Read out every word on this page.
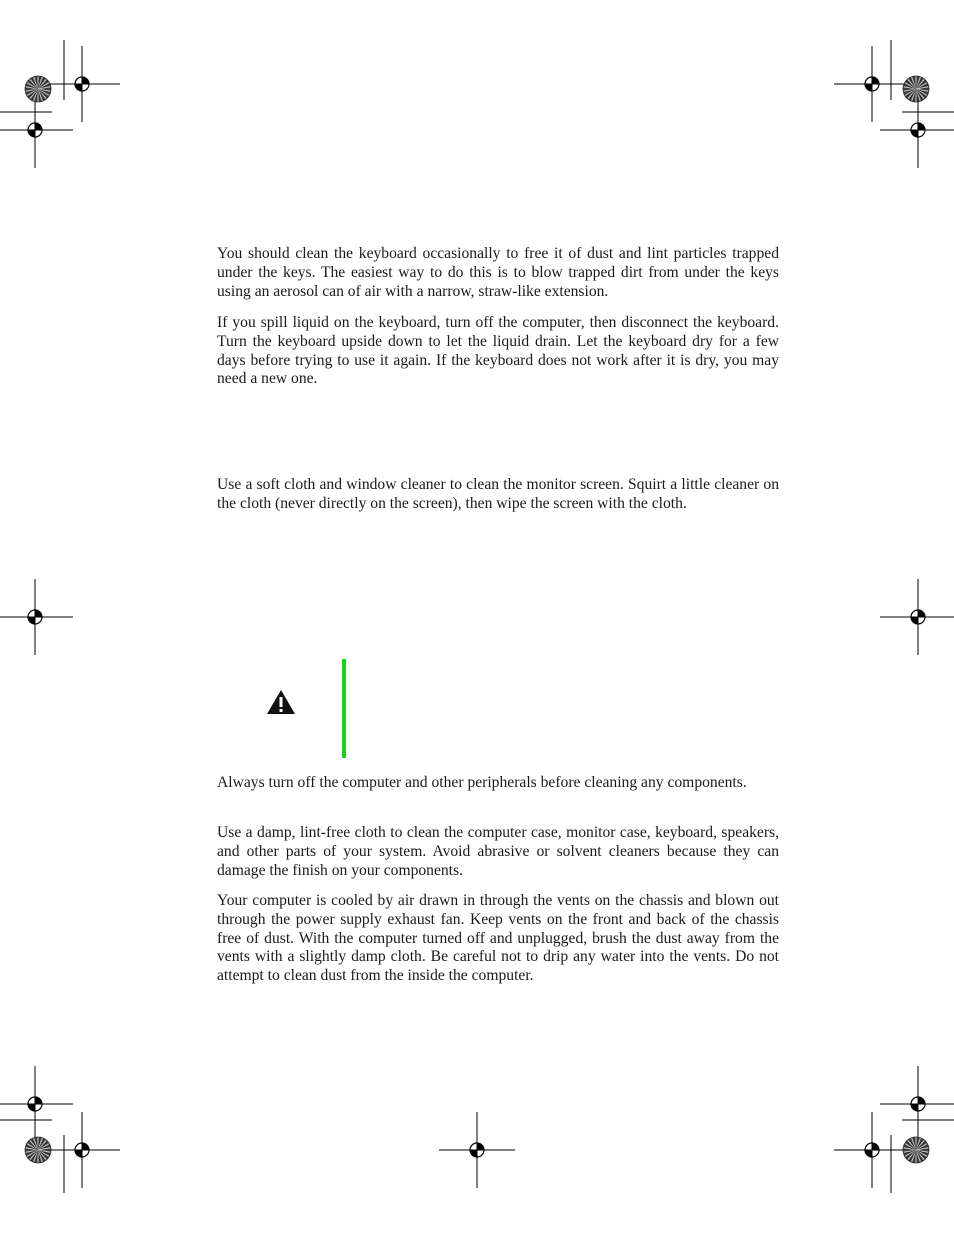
You should clean the keyboard occasionally to free it of dust and lint particles trapped under the keys. The easiest way to do this is to blow trapped dirt from under the keys using an aerosol can of air with a narrow, straw-like extension.

If you spill liquid on the keyboard, turn off the computer, then disconnect the keyboard. Turn the keyboard upside down to let the liquid drain. Let the keyboard dry for a few days before trying to use it again. If the keyboard does not work after it is dry, you may need a new one.

Use a soft cloth and window cleaner to clean the monitor screen. Squirt a little cleaner on the cloth (never directly on the screen), then wipe the screen with the cloth.

Always turn off the computer and other peripherals before cleaning any components.

Use a damp, lint-free cloth to clean the computer case, monitor case, keyboard, speakers, and other parts of your system. Avoid abrasive or solvent cleaners because they can damage the finish on your components.

Your computer is cooled by air drawn in through the vents on the chassis and blown out through the power supply exhaust fan. Keep vents on the front and back of the chassis free of dust. With the computer turned off and unplugged, brush the dust away from the vents with a slightly damp cloth. Be careful not to drip any water into the vents. Do not attempt to clean dust from the inside the computer.
